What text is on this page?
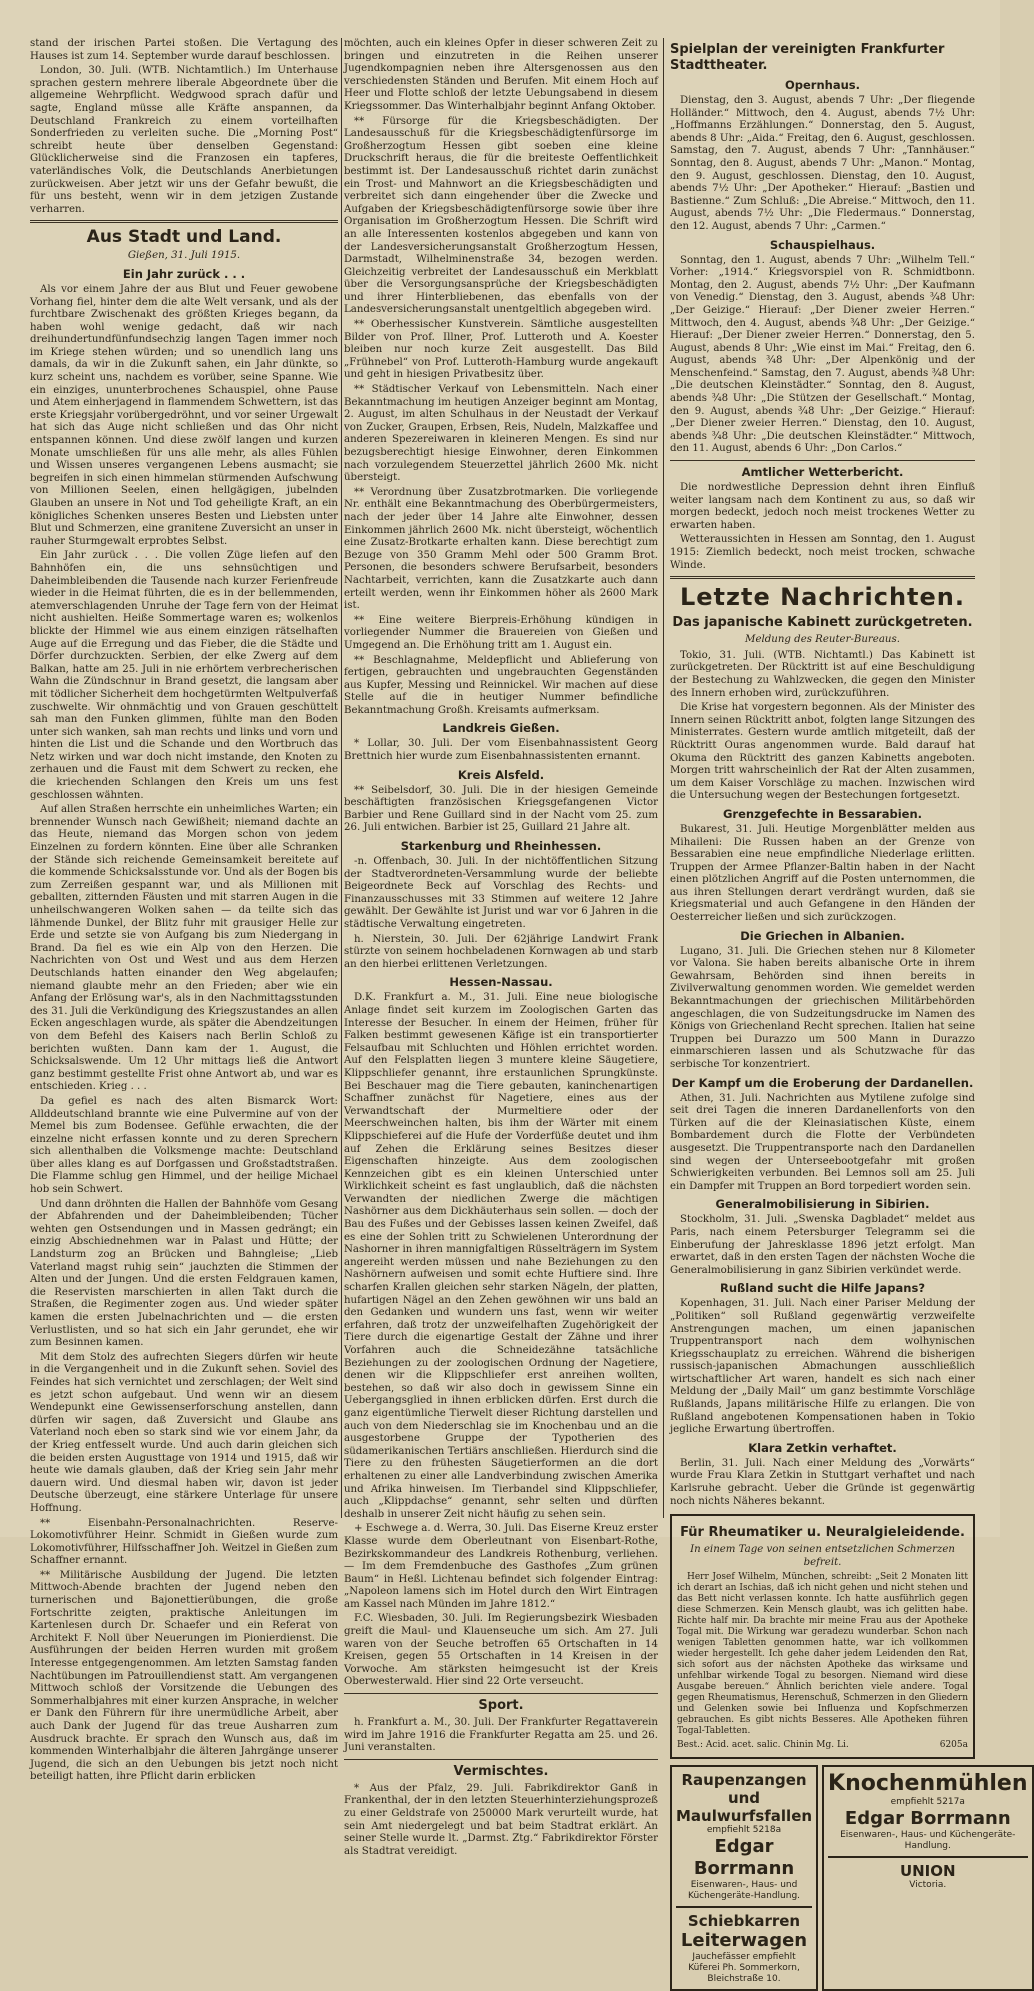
stand der irischen Partei stoßen. Die Vertagung des Hauses ist zum 14. September wurde darauf beschlossen.

London, 30. Juli. (WTB. Nichtamtlich.) Im Unterhause sprachen gestern mehrere liberale Abgeordnete über die allgemeine Wehrpflicht. Wedgwood sprach dafür und sagte, England müsse alle Kräfte anspannen, da Deutschland Frankreich zu einem vorteilhaften Sonderfrieden zu verleiten suche. Die „Morning Post“ schreibt heute über denselben Gegenstand: Glücklicherweise sind die Franzosen ein tapferes, vaterländisches Volk, die Deutschlands Anerbietungen zurückweisen. Aber jetzt wir uns der Gefahr bewußt, die für uns besteht, wenn wir in dem jetzigen Zustande verharren.

Aus Stadt und Land.
Gießen, 31. Juli 1915.
Ein Jahr zurück . . .

Als vor einem Jahre der aus Blut und Feuer gewobene Vorhang fiel, hinter dem die alte Welt versank, und als der furchtbare Zwischenakt des größten Krieges begann, da haben wohl wenige gedacht, daß wir nach dreihundertundfünfundsechzig langen Tagen immer noch im Kriege stehen würden; und so unendlich lang uns damals, da wir in die Zukunft sahen, ein Jahr dünkte, so kurz scheint uns, nachdem es vorüber, seine Spanne. Wie ein einziges, ununterbrochenes Schauspiel, ohne Pause und Atem einherjagend in flammendem Schwettern, ist das erste Kriegsjahr vorübergedröhnt, und vor seiner Urgewalt hat sich das Auge nicht schließen und das Ohr nicht entspannen können. Und diese zwölf langen und kurzen Monate umschließen für uns alle mehr, als alles Fühlen und Wissen unseres vergangenen Lebens ausmacht; sie begreifen in sich einen himmelan stürmenden Aufschwung von Millionen Seelen, einen hellgägigen, jubelnden Glauben an unsere in Not und Tod geheiligte Kraft, an ein königliches Schenken unseres Besten und Liebsten unter Blut und Schmerzen, eine granitene Zuversicht an unser in rauher Sturmgewalt erprobtes Selbst.

Ein Jahr zurück . . . Die vollen Züge liefen auf den Bahnhöfen ein, die uns sehnsüchtigen und Daheimbleibenden die Tausende nach kurzer Ferienfreude wieder in die Heimat führten, die es in der bellemmenden, atemverschlagenden Unruhe der Tage fern von der Heimat nicht aushielten. Heiße Sommertage waren es; wolkenlos blickte der Himmel wie aus einem einzigen rätselhaften Auge auf die Erregung und das Fieber, die die Städte und Dörfer durchzuckten. Serbien, der elke Zwerg auf dem Balkan, hatte am 25. Juli in nie erhörtem verbrecherischen Wahn die Zündschnur in Brand gesetzt, die langsam aber mit tödlicher Sicherheit dem hochgetürmten Weltpulverfaß zuschwelte. Wir ohnmächtig und von Grauen geschüttelt sah man den Funken glimmen, fühlte man den Boden unter sich wanken, sah man rechts und links und vorn und hinten die List und die Schande und den Wortbruch das Netz wirken und war doch nicht imstande, den Knoten zu zerhauen und die Faust mit dem Schwert zu recken, ehe die kriechenden Schlangen den Kreis um uns fest geschlossen wähnten.

Auf allen Straßen herrschte ein unheimliches Warten; ein brennender Wunsch nach Gewißheit; niemand dachte an das Heute, niemand das Morgen schon von jedem Einzelnen zu fordern könnten. Eine über alle Schranken der Stände sich reichende Gemeinsamkeit bereitete auf die kommende Schicksalsstunde vor. Und als der Bogen bis zum Zerreißen gespannt war, und als Millionen mit geballten, zitternden Fäusten und mit starren Augen in die unheilschwangeren Wolken sahen — da teilte sich das lähmende Dunkel, der Blitz fuhr mit grausiger Helle zur Erde und setzte sie von Aufgang bis zum Niedergang in Brand. Da fiel es wie ein Alp von den Herzen. Die Nachrichten von Ost und West und aus dem Herzen Deutschlands hatten einander den Weg abgelaufen; niemand glaubte mehr an den Frieden; aber wie ein Anfang der Erlösung war's, als in den Nachmittagsstunden des 31. Juli die Verkündigung des Kriegszustandes an allen Ecken angeschlagen wurde, als später die Abendzeitungen von dem Befehl des Kaisers nach Berlin Schloß zu berichten wußten. Dann kam der 1. August, die Schicksalswende. Um 12 Uhr mittags ließ die Antwort ganz bestimmt gestellte Frist ohne Antwort ab, und war es entschieden. Krieg . . .

Da gefiel es nach des alten Bismarck Wort: Allddeutschland brannte wie eine Pulvermine auf von der Memel bis zum Bodensee. Gefühle erwachten, die der einzelne nicht erfassen konnte und zu deren Sprechern sich allenthalben die Volksmenge machte: Deutschland über alles klang es auf Dorfgassen und Großstadtstraßen. Die Flamme schlug gen Himmel, und der heilige Michael hob sein Schwert.

Und dann dröhnten die Hallen der Bahnhöfe vom Gesang der Abfahrenden und der Daheimbleibenden; Tücher wehten gen Ostsendungen und in Massen gedrängt; ein einzig Abschiednehmen war in Palast und Hütte; der Landsturm zog an Brücken und Bahngleise; „Lieb Vaterland magst ruhig sein“ jauchzten die Stimmen der Alten und der Jungen. Und die ersten Feldgrauen kamen, die Reservisten marschierten in allen Takt durch die Straßen, die Regimenter zogen aus. Und wieder später kamen die ersten Jubelnachrichten und — die ersten Verlustlisten, und so hat sich ein Jahr gerundet, ehe wir zum Besinnen kamen.

Mit dem Stolz des aufrechten Siegers dürfen wir heute in die Vergangenheit und in die Zukunft sehen. Soviel des Feindes hat sich vernichtet und zerschlagen; der Welt sind es jetzt schon aufgebaut. Und wenn wir an diesem Wendepunkt eine Gewissenserforschung anstellen, dann dürfen wir sagen, daß Zuversicht und Glaube ans Vaterland noch eben so stark sind wie vor einem Jahr, da der Krieg entfesselt wurde. Und auch darin gleichen sich die beiden ersten Augusttage von 1914 und 1915, daß wir heute wie damals glauben, daß der Krieg sein Jahr mehr dauern wird. Und diesmal haben wir, davon ist jeder Deutsche überzeugt, eine stärkere Unterlage für unsere Hoffnung.

** Eisenbahn-Personalnachrichten. Reserve-Lokomotivführer Heinr. Schmidt in Gießen wurde zum Lokomotivführer, Hilfsschaffner Joh. Weitzel in Gießen zum Schaffner ernannt.

** Militärische Ausbildung der Jugend. Die letzten Mittwoch-Abende brachten der Jugend neben den turnerischen und Bajonettierübungen, die große Fortschritte zeigten, praktische Anleitungen im Kartenlesen durch Dr. Schaefer und ein Referat von Architekt F. Noll über Neuerungen im Pionierdienst. Die Ausführungen der beiden Herren wurden mit großem Interesse entgegengenommen. Am letzten Samstag fanden Nachtübungen im Patrouillendienst statt. Am vergangenen Mittwoch schloß der Vorsitzende die Uebungen des Sommerhalbjahres mit einer kurzen Ansprache, in welcher er Dank den Führern für ihre unermüdliche Arbeit, aber auch Dank der Jugend für das treue Ausharren zum Ausdruck brachte. Er sprach den Wunsch aus, daß im kommenden Winterhalbjahr die älteren Jahrgänge unserer Jugend, die sich an den Uebungen bis jetzt noch nicht beteiligt hatten, ihre Pflicht darin erblicken

möchten, auch ein kleines Opfer in dieser schweren Zeit zu bringen und einzutreten in die Reihen unserer Jugendkompagnien neben ihre Altersgenossen aus den verschiedensten Ständen und Berufen. Mit einem Hoch auf Heer und Flotte schloß der letzte Uebungsabend in diesem Kriegssommer. Das Winterhalbjahr beginnt Anfang Oktober.

** Fürsorge für die Kriegsbeschädigten. Der Landesausschuß für die Kriegsbeschädigtenfürsorge im Großherzogtum Hessen gibt soeben eine kleine Druckschrift heraus, die für die breiteste Oeffentlichkeit bestimmt ist. Der Landesausschuß richtet darin zunächst ein Trost- und Mahnwort an die Kriegsbeschädigten und verbreitet sich dann eingehender über die Zwecke und Aufgaben der Kriegsbeschädigtenfürsorge sowie über ihre Organisation im Großherzogtum Hessen. Die Schrift wird an alle Interessenten kostenlos abgegeben und kann von der Landesversicherungsanstalt Großherzogtum Hessen, Darmstadt, Wilhelminenstraße 34, bezogen werden. Gleichzeitig verbreitet der Landesausschuß ein Merkblatt über die Versorgungsansprüche der Kriegsbeschädigten und ihrer Hinterbliebenen, das ebenfalls von der Landesversicherungsanstalt unentgeltlich abgegeben wird.

** Oberhessischer Kunstverein. Sämtliche ausgestellten Bilder von Prof. Illner, Prof. Lutteroth und A. Koester bleiben nur noch kurze Zeit ausgestellt. Das Bild „Frühnebel“ von Prof. Lutteroth-Hamburg wurde angekauft und geht in hiesigen Privatbesitz über.

** Städtischer Verkauf von Lebensmitteln. Nach einer Bekanntmachung im heutigen Anzeiger beginnt am Montag, 2. August, im alten Schulhaus in der Neustadt der Verkauf von Zucker, Graupen, Erbsen, Reis, Nudeln, Malzkaffee und anderen Spezereiwaren in kleineren Mengen. Es sind nur bezugsberechtigt hiesige Einwohner, deren Einkommen nach vorzulegendem Steuerzettel jährlich 2600 Mk. nicht übersteigt.

** Verordnung über Zusatzbrotmarken. Die vorliegende Nr. enthält eine Bekanntmachung des Oberbürgermeisters, nach der jeder über 14 Jahre alte Einwohner, dessen Einkommen jährlich 2600 Mk. nicht übersteigt, wöchentlich eine Zusatz-Brotkarte erhalten kann. Diese berechtigt zum Bezuge von 350 Gramm Mehl oder 500 Gramm Brot. Personen, die besonders schwere Berufsarbeit, besonders Nachtarbeit, verrichten, kann die Zusatzkarte auch dann erteilt werden, wenn ihr Einkommen höher als 2600 Mark ist.

** Eine weitere Bierpreis-Erhöhung kündigen in vorliegender Nummer die Brauereien von Gießen und Umgegend an. Die Erhöhung tritt am 1. August ein.

** Beschlagnahme, Meldepflicht und Ablieferung von fertigen, gebrauchten und ungebrauchten Gegenständen aus Kupfer, Messing und Reinnickel. Wir machen auf diese Stelle auf die in heutiger Nummer befindliche Bekanntmachung Großh. Kreisamts aufmerksam.

Landkreis Gießen.

* Lollar, 30. Juli. Der vom Eisenbahnassistent Georg Brettnich hier wurde zum Eisenbahnassistenten ernannt.

Kreis Alsfeld.

** Seibelsdorf, 30. Juli. Die in der hiesigen Gemeinde beschäftigten französischen Kriegsgefangenen Victor Barbier und Rene Guillard sind in der Nacht vom 25. zum 26. Juli entwichen. Barbier ist 25, Guillard 21 Jahre alt.

Starkenburg und Rheinhessen.

-n. Offenbach, 30. Juli. In der nichtöffentlichen Sitzung der Stadtverordneten-Versammlung wurde der beliebte Beigeordnete Beck auf Vorschlag des Rechts- und Finanzausschusses mit 33 Stimmen auf weitere 12 Jahre gewählt. Der Gewählte ist Jurist und war vor 6 Jahren in die städtische Verwaltung eingetreten.

h. Nierstein, 30. Juli. Der 62jährige Landwirt Frank stürzte von seinem hochbeladenen Kornwagen ab und starb an den hierbei erlittenen Verletzungen.

Hessen-Nassau.

D.K. Frankfurt a. M., 31. Juli. Eine neue biologische Anlage findet seit kurzem im Zoologischen Garten das Interesse der Besucher. In einem der Heimen, früher für Falken bestimmt gewesenen Käfige ist ein transportierter Felsaufbau mit Schluchten und Höhlen errichtet worden. Auf den Felsplatten liegen 3 muntere kleine Säugetiere, Klippschliefer genannt, ihre erstaunlichen Sprungkünste. Bei Beschauer mag die Tiere gebauten, kaninchenartigen Schaffner zunächst für Nagetiere, eines aus der Verwandtschaft der Murmeltiere oder der Meerschweinchen halten, bis ihm der Wärter mit einem Klippschieferei auf die Hufe der Vorderfüße deutet und ihm auf Zehen die Erklärung seines Besitzes dieser Eigenschaften hinzeigte. Aus dem zoologischen Kennzeichen gibt es ein kleinen Unterschied unter Wirklichkeit scheint es fast unglaublich, daß die nächsten Verwandten der niedlichen Zwerge die mächtigen Nashörner aus dem Dickhäuterhaus sein sollen. — doch der Bau des Fußes und der Gebisses lassen keinen Zweifel, daß es eine der Sohlen tritt zu Schwielenen Unterordnung der Nashorner in ihren mannigfaltigen Rüsselträgern im System angereiht werden müssen und nahe Beziehungen zu den Nashörnern aufweisen und somit echte Huftiere sind. Ihre scharfen Krallen gleichen sehr starken Nägeln, der platten, hufartigen Nägel an den Zehen gewöhnen wir uns bald an den Gedanken und wundern uns fast, wenn wir weiter erfahren, daß trotz der unzweifelhaften Zugehörigkeit der Tiere durch die eigenartige Gestalt der Zähne und ihrer Vorfahren auch die Schneidezähne tatsächliche Beziehungen zu der zoologischen Ordnung der Nagetiere, denen wir die Klippschliefer erst anreihen wollten, bestehen, so daß wir also doch in gewissem Sinne ein Uebergangsglied in ihnen erblicken dürfen. Erst durch die ganz eigentümliche Tierwelt dieser Richtung darstellen und auch von dem Niederschlag sie im Knochenbau und an die ausgestorbene Gruppe der Typotherien des südamerikanischen Tertiärs anschließen. Hierdurch sind die Tiere zu den frühesten Säugetierformen an die dort erhaltenen zu einer alle Landverbindung zwischen Amerika und Afrika hinweisen. Im Tierbandel sind Klippschliefer, auch „Klippdachse“ genannt, sehr selten und dürften deshalb in unserer Zeit nicht häufig zu sehen sein.

+ Eschwege a. d. Werra, 30. Juli. Das Eiserne Kreuz erster Klasse wurde dem Oberleutnant von Eisenbart-Rothe, Bezirkskommandeur des Landkreis Rothenburg, verliehen. — Im dem Fremdenbuche des Gasthofes „Zum grünen Baum“ in Heßl. Lichtenau befindet sich folgender Eintrag: „Napoleon lamens sich im Hotel durch den Wirt Eintragen am Kassel nach Münden im Jahre 1812.“

F.C. Wiesbaden, 30. Juli. Im Regierungsbezirk Wiesbaden greift die Maul- und Klauenseuche um sich. Am 27. Juli waren von der Seuche betroffen 65 Ortschaften in 14 Kreisen, gegen 55 Ortschaften in 14 Kreisen in der Vorwoche. Am stärksten heimgesucht ist der Kreis Oberwesterwald. Hier sind 22 Orte verseucht.

Sport.

h. Frankfurt a. M., 30. Juli. Der Frankfurter Regattaverein wird im Jahre 1916 die Frankfurter Regatta am 25. und 26. Juni veranstalten.

Vermischtes.

* Aus der Pfalz, 29. Juli. Fabrikdirektor Ganß in Frankenthal, der in den letzten Steuerhinterziehungsprozeß zu einer Geldstrafe von 250000 Mark verurteilt wurde, hat sein Amt niedergelegt und bat beim Stadtrat erklärt. An seiner Stelle wurde lt. „Darmst. Ztg.“ Fabrikdirektor Förster als Stadtrat vereidigt.

Spielplan der vereinigten Frankfurter Stadttheater.
Opernhaus.

Dienstag, den 3. August, abends 7 Uhr: „Der fliegende Holländer.“ Mittwoch, den 4. August, abends 7½ Uhr: „Hoffmanns Erzählungen.“ Donnerstag, den 5. August, abends 8 Uhr: „Aida.“ Freitag, den 6. August, geschlossen. Samstag, den 7. August, abends 7 Uhr: „Tannhäuser.“ Sonntag, den 8. August, abends 7 Uhr: „Manon.“ Montag, den 9. August, geschlossen. Dienstag, den 10. August, abends 7½ Uhr: „Der Apotheker.“ Hierauf: „Bastien und Bastienne.“ Zum Schluß: „Die Abreise.“ Mittwoch, den 11. August, abends 7½ Uhr: „Die Fledermaus.“ Donnerstag, den 12. August, abends 7 Uhr: „Carmen.“

Schauspielhaus.

Sonntag, den 1. August, abends 7 Uhr: „Wilhelm Tell.“ Vorher: „1914.“ Kriegsvorspiel von R. Schmidtbonn. Montag, den 2. August, abends 7½ Uhr: „Der Kaufmann von Venedig.“ Dienstag, den 3. August, abends ¾8 Uhr: „Der Geizige.“ Hierauf: „Der Diener zweier Herren.“ Mittwoch, den 4. August, abends ¾8 Uhr: „Der Geizige.“ Hierauf: „Der Diener zweier Herren.“ Donnerstag, den 5. August, abends 8 Uhr: „Wie einst im Mai.“ Freitag, den 6. August, abends ¾8 Uhr: „Der Alpenkönig und der Menschenfeind.“ Samstag, den 7. August, abends ¾8 Uhr: „Die deutschen Kleinstädter.“ Sonntag, den 8. August, abends ¾8 Uhr: „Die Stützen der Gesellschaft.“ Montag, den 9. August, abends ¾8 Uhr: „Der Geizige.“ Hierauf: „Der Diener zweier Herren.“ Dienstag, den 10. August, abends ¾8 Uhr: „Die deutschen Kleinstädter.“ Mittwoch, den 11. August, abends 6 Uhr: „Don Carlos.“

Amtlicher Wetterbericht.

Die nordwestliche Depression dehnt ihren Einfluß weiter langsam nach dem Kontinent zu aus, so daß wir morgen bedeckt, jedoch noch meist trockenes Wetter zu erwarten haben.

Wetteraussichten in Hessen am Sonntag, den 1. August 1915: Ziemlich bedeckt, noch meist trocken, schwache Winde.

Letzte Nachrichten.
Das japanische Kabinett zurückgetreten.
Meldung des Reuter-Bureaus.

Tokio, 31. Juli. (WTB. Nichtamtl.) Das Kabinett ist zurückgetreten. Der Rücktritt ist auf eine Beschuldigung der Bestechung zu Wahlzwecken, die gegen den Minister des Innern erhoben wird, zurückzuführen.

Die Krise hat vorgestern begonnen. Als der Minister des Innern seinen Rücktritt anbot, folgten lange Sitzungen des Ministerrates. Gestern wurde amtlich mitgeteilt, daß der Rücktritt Ouras angenommen wurde. Bald darauf hat Okuma den Rücktritt des ganzen Kabinetts angeboten. Morgen tritt wahrscheinlich der Rat der Alten zusammen, um dem Kaiser Vorschläge zu machen. Inzwischen wird die Untersuchung wegen der Bestechungen fortgesetzt.

Grenzgefechte in Bessarabien.

Bukarest, 31. Juli. Heutige Morgenblätter melden aus Mihaileni: Die Russen haben an der Grenze von Bessarabien eine neue empfindliche Niederlage erlitten. Truppen der Armee Pflanzer-Baltin haben in der Nacht einen plötzlichen Angriff auf die Posten unternommen, die aus ihren Stellungen derart verdrängt wurden, daß sie Kriegsmaterial und auch Gefangene in den Händen der Oesterreicher ließen und sich zurückzogen.

Die Griechen in Albanien.

Lugano, 31. Juli. Die Griechen stehen nur 8 Kilometer vor Valona. Sie haben bereits albanische Orte in ihrem Gewahrsam, Behörden sind ihnen bereits in Zivilverwaltung genommen worden. Wie gemeldet werden Bekanntmachungen der griechischen Militärbehörden angeschlagen, die von Sudzeitungsdrucke im Namen des Königs von Griechenland Recht sprechen. Italien hat seine Truppen bei Durazzo um 500 Mann in Durazzo einmarschieren lassen und als Schutzwache für das serbische Tor konzentriert.

Der Kampf um die Eroberung der Dardanellen.

Athen, 31. Juli. Nachrichten aus Mytilene zufolge sind seit drei Tagen die inneren Dardanellenforts von den Türken auf die der Kleinasiatischen Küste, einem Bombardement durch die Flotte der Verbündeten ausgesetzt. Die Truppentransporte nach den Dardanellen sind wegen der Unterseebootgefahr mit großen Schwierigkeiten verbunden. Bei Lemnos soll am 25. Juli ein Dampfer mit Truppen an Bord torpediert worden sein.

Generalmobilisierung in Sibirien.

Stockholm, 31. Juli. „Swenska Dagbladet“ meldet aus Paris, nach einem Petersburger Telegramm sei die Einberufung der Jahresklasse 1896 jetzt erfolgt. Man erwartet, daß in den ersten Tagen der nächsten Woche die Generalmobilisierung in ganz Sibirien verkündet werde.

Rußland sucht die Hilfe Japans?

Kopenhagen, 31. Juli. Nach einer Pariser Meldung der „Politiken“ soll Rußland gegenwärtig verzweifelte Anstrengungen machen, um einen japanischen Truppentransport nach dem wolhynischen Kriegsschauplatz zu erreichen. Während die bisherigen russisch-japanischen Abmachungen ausschließlich wirtschaftlicher Art waren, handelt es sich nach einer Meldung der „Daily Mail“ um ganz bestimmte Vorschläge Rußlands, Japans militärische Hilfe zu erlangen. Die von Rußland angebotenen Kompensationen haben in Tokio jegliche Erwartung übertroffen.

Klara Zetkin verhaftet.

Berlin, 31. Juli. Nach einer Meldung des „Vorwärts“ wurde Frau Klara Zetkin in Stuttgart verhaftet und nach Karlsruhe gebracht. Ueber die Gründe ist gegenwärtig noch nichts Näheres bekannt.

Für Rheumatiker u. Neuralgieleidende.
In einem Tage von seinen entsetzlichen Schmerzen befreit.

Herr Josef Wilhelm, München, schreibt: „Seit 2 Monaten litt ich derart an Ischias, daß ich nicht gehen und nicht stehen und das Bett nicht verlassen konnte. Ich hatte ausführlich gegen diese Schmerzen. Kein Mensch glaubt, was ich gelitten habe. Richte half mir. Da brachte mir meine Frau aus der Apotheke Togal mit. Die Wirkung war geradezu wunderbar. Schon nach wenigen Tabletten genommen hatte, war ich vollkommen wieder hergestellt. Ich gehe daher jedem Leidenden den Rat, sich sofort aus der nächsten Apotheke das wirksame und unfehlbar wirkende Togal zu besorgen. Niemand wird diese Ausgabe bereuen.“ Ähnlich berichten viele andere. Togal gegen Rheumatismus, Herenschuß, Schmerzen in den Gliedern und Gelenken sowie bei Influenza und Kopfschmerzen gebrauchen. Es gibt nichts Besseres. Alle Apotheken führen Togal-Tabletten.

Best.: Acid. acet. salic. Chinin Mg. Li.	6205a
Raupenzangen und Maulwurfsfallen
empfiehlt 5218a
Edgar Borrmann
Eisenwaren-, Haus- und Küchengeräte-Handlung.
Schiebkarren
Leiterwagen
Jauchefässer empfiehlt Küferei Ph. Sommerkorn, Bleichstraße 10.
Knochenmühlen
empfiehlt 5217a
Edgar Borrmann
Eisenwaren-, Haus- und Küchengeräte-Handlung.
UNION
Victoria.
